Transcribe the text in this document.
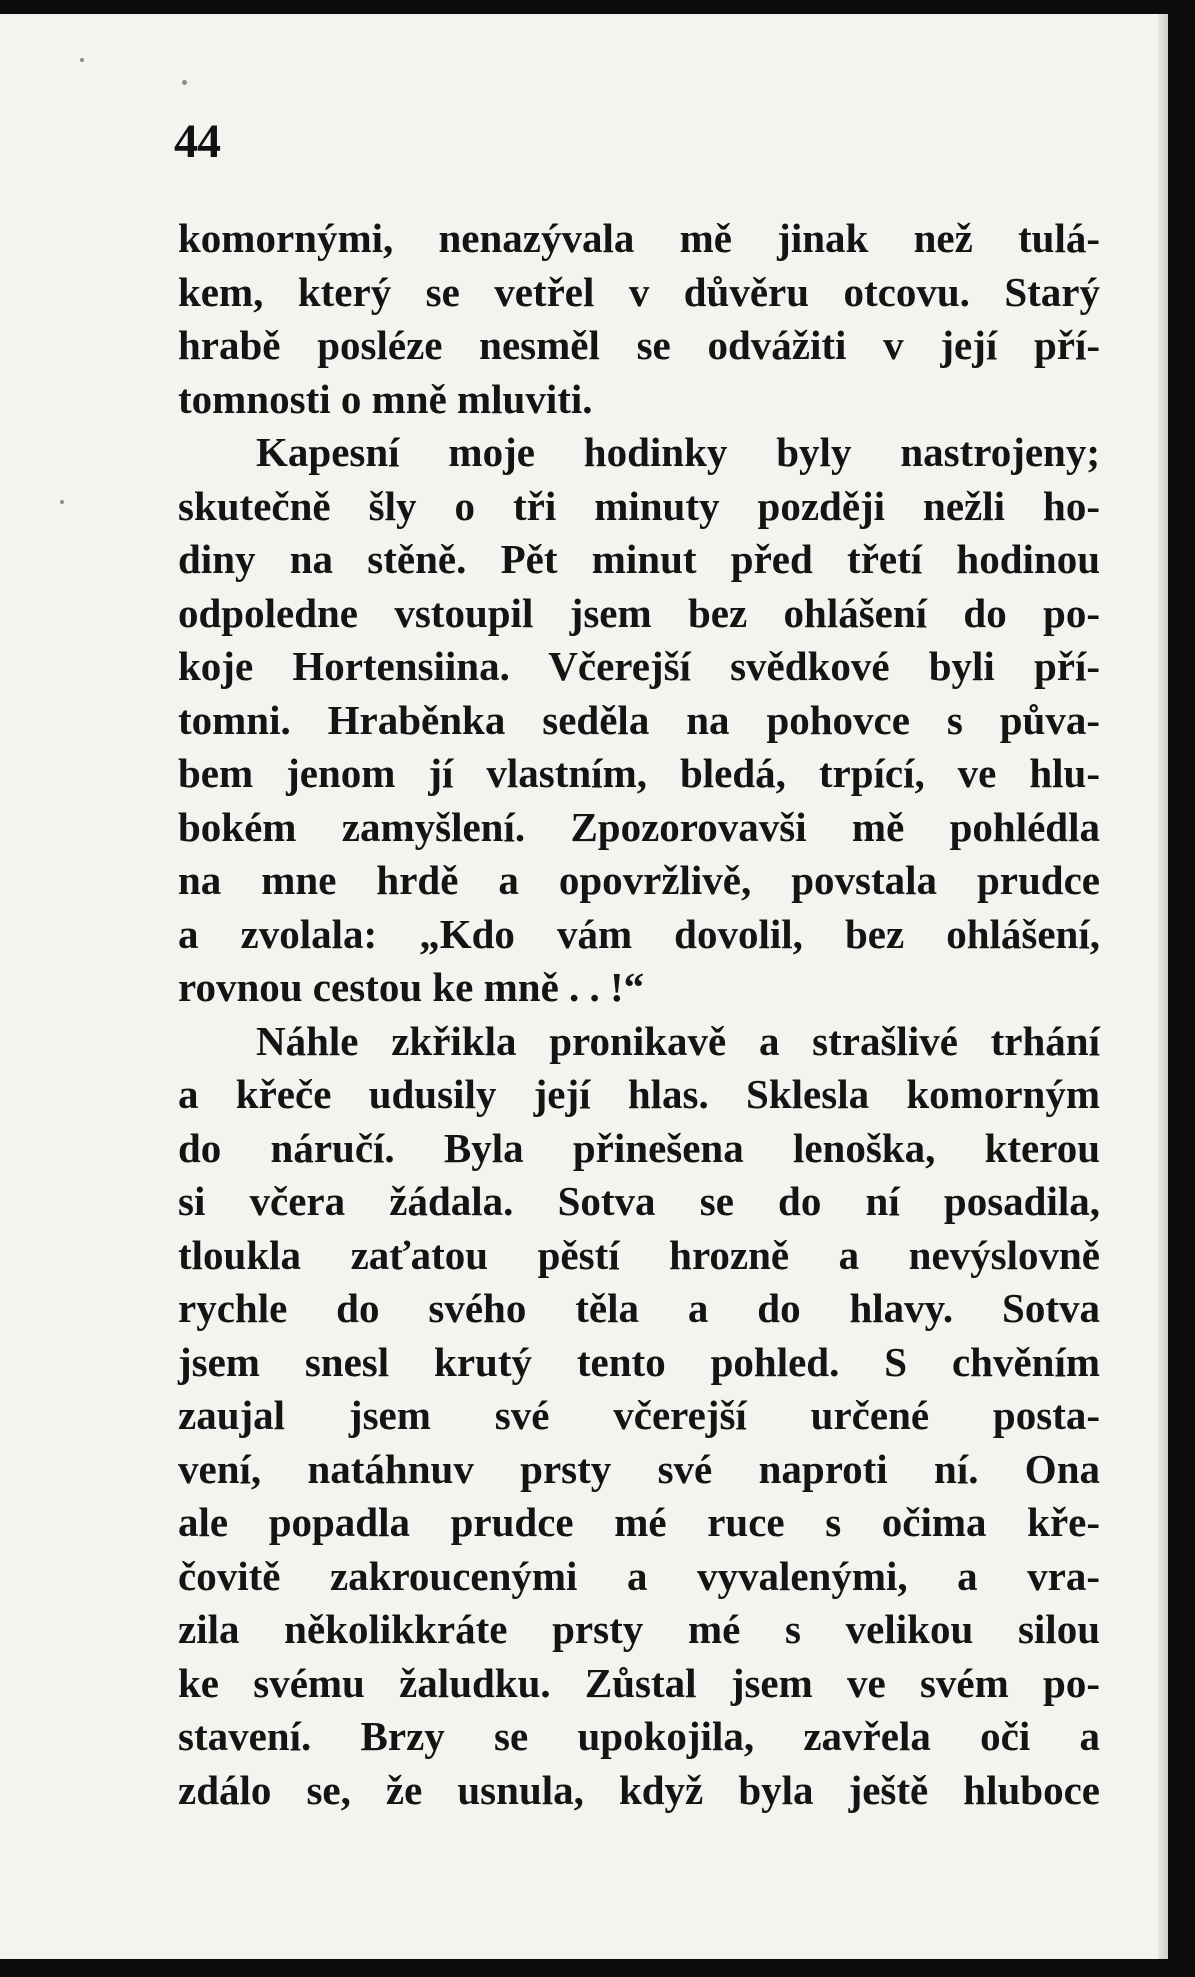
44
komornými, nenazývala mě jinak než tulá-
kem, který se vetřel v důvěru otcovu. Starý
hrabě posléze nesměl se odvážiti v její pří-
tomnosti o mně mluviti.
Kapesní moje hodinky byly nastrojeny;
skutečně šly o tři minuty později nežli ho-
diny na stěně. Pět minut před třetí hodinou
odpoledne vstoupil jsem bez ohlášení do po-
koje Hortensiina. Včerejší svědkové byli pří-
tomni. Hraběnka seděla na pohovce s půva-
bem jenom jí vlastním, bledá, trpící, ve hlu-
bokém zamyšlení. Zpozorovavši mě pohlédla
na mne hrdě a opovržlivě, povstala prudce
a zvolala: „Kdo vám dovolil, bez ohlášení,
rovnou cestou ke mně . . !“
Náhle zkřikla pronikavě a strašlivé trhání
a křeče udusily její hlas. Sklesla komorným
do náručí. Byla přinešena lenoška, kterou
si včera žádala. Sotva se do ní posadila,
tloukla zaťatou pěstí hrozně a nevýslovně
rychle do svého těla a do hlavy. Sotva
jsem snesl krutý tento pohled. S chvěním
zaujal jsem své včerejší určené posta-
vení, natáhnuv prsty své naproti ní. Ona
ale popadla prudce mé ruce s očima kře-
čovitě zakroucenými a vyvalenými, a vra-
zila několikkráte prsty mé s velikou silou
ke svému žaludku. Zůstal jsem ve svém po-
stavení. Brzy se upokojila, zavřela oči a
zdálo se, že usnula, když byla ještě hluboce
